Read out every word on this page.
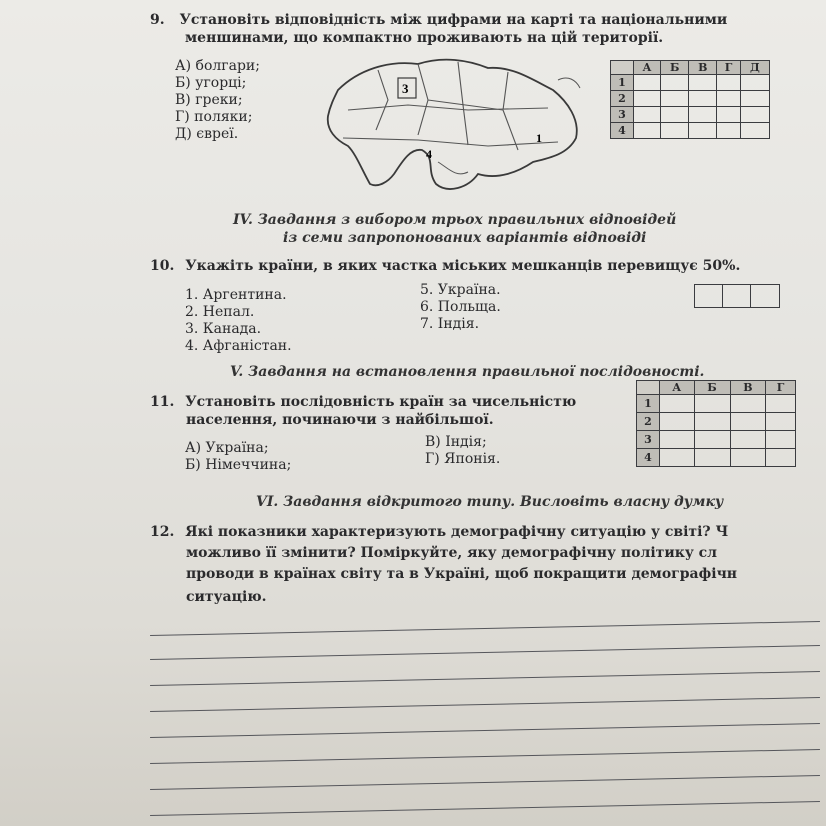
9. Установіть відповідність між цифрами на карті та національними
меншинами, що компактно проживають на цій території.
А) болгари;
Б) угорці;
В) греки;
Г) поляки;
Д) євреї.
3
4
1
	А	Б	В	Г	Д
1					
2					
3					
4					
IV. Завдання з вибором трьох правильних відповідей
із семи запропонованих варіантів відповіді
10. Укажіть країни, в яких частка міських мешканців перевищує 50%.
1. Аргентина.
2. Непал.
3. Канада.
4. Афганістан.
5. Україна.
6. Польща.
7. Індія.
V. Завдання на встановлення правильної послідовності.
11. Установіть послідовність країн за чисельністю
населення, починаючи з найбільшої.
А) Україна;
Б) Німеччина;
В) Індія;
Г) Японія.
	А	Б	В	Г
1				
2				
3				
4				
VI. Завдання відкритого типу. Висловіть власну думку
12. Які показники характеризують демографічну ситуацію у світі? Ч
можливо її змінити? Поміркуйте, яку демографічну політику сл
проводи в країнах світу та в Україні, щоб покращити демографічн
ситуацію.
